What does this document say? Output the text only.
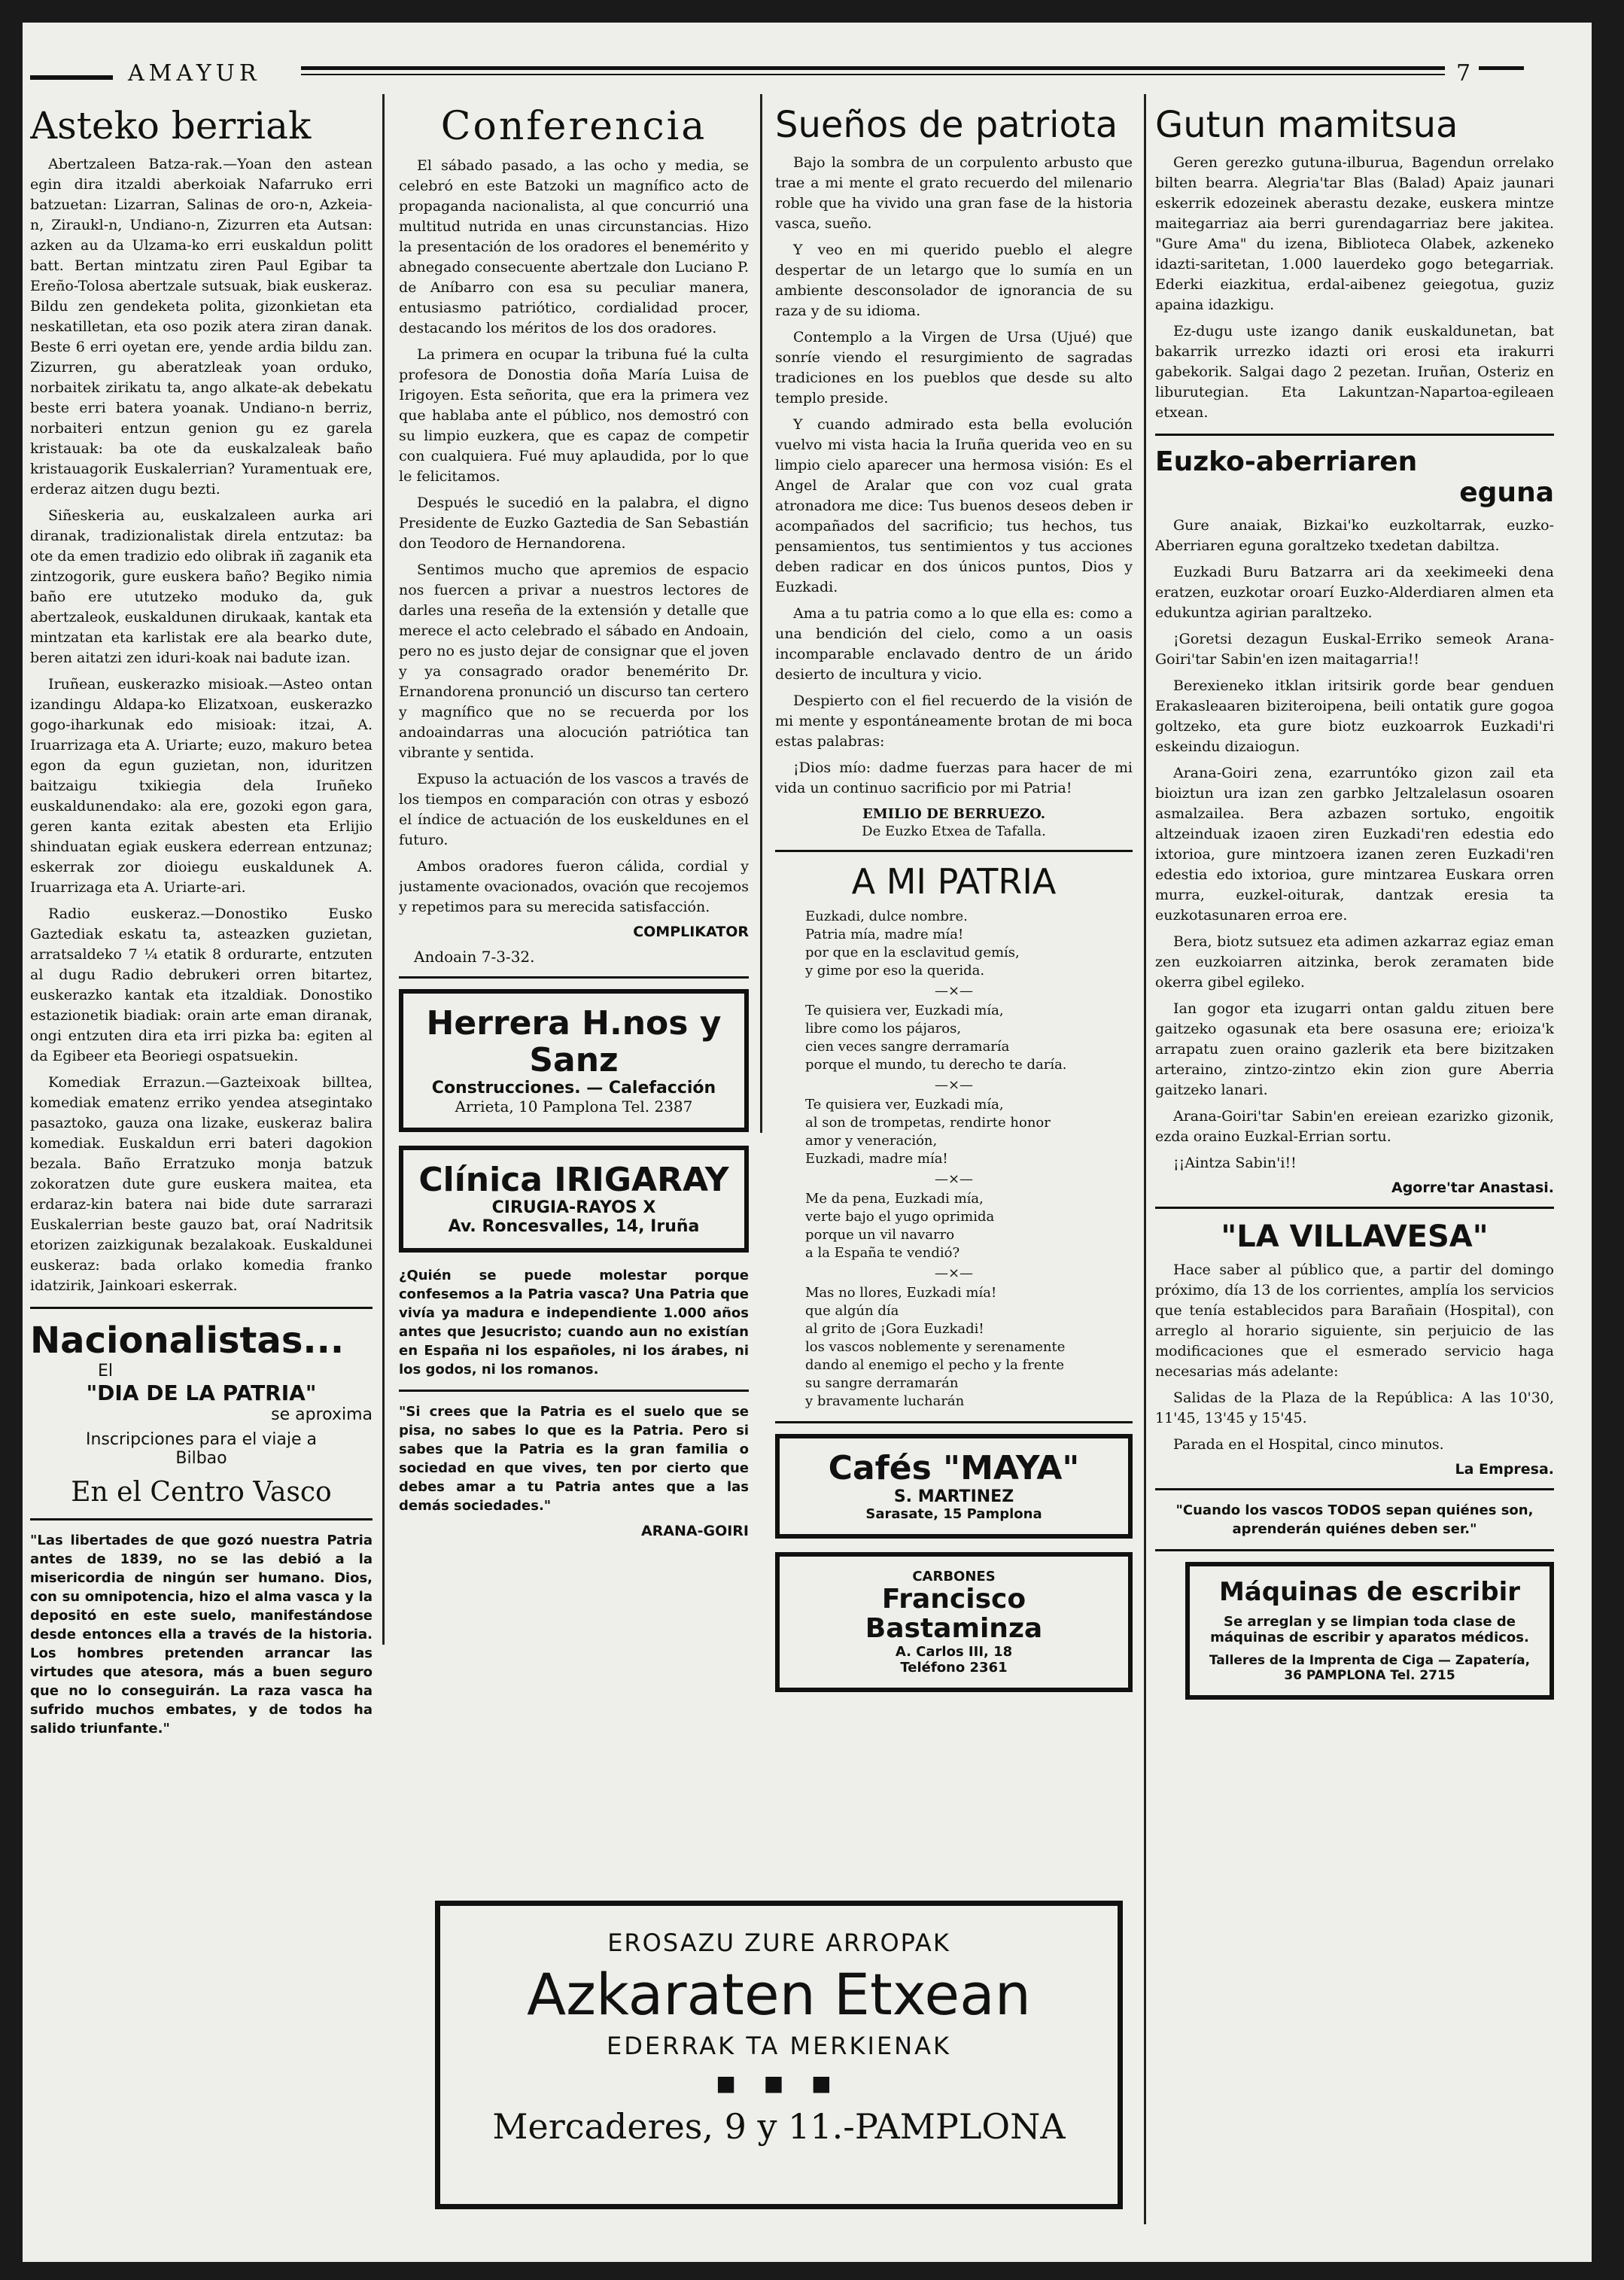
AMAYUR	7
Asteko berriak

Abertzaleen Batza-rak.—Yoan den astean egin dira itzaldi aberkoiak Nafarruko erri batzuetan: Lizarran, Salinas de oro-n, Azkeia-n, Ziraukl-n, Undiano-n, Zizurren eta Autsan: azken au da Ulzama-ko erri euskaldun politt batt. Bertan mintzatu ziren Paul Egibar ta Ereño-Tolosa abertzale sutsuak, biak euskeraz. Bildu zen gendeketa polita, gizonkietan eta neskatilletan, eta oso pozik atera ziran danak. Beste 6 erri oyetan ere, yende ardia bildu zan. Zizurren, gu aberatzleak yoan orduko, norbaitek zirikatu ta, ango alkate-ak debekatu beste erri batera yoanak. Undiano-n berriz, norbaiteri entzun genion gu ez garela kristauak: ba ote da euskalzaleak baño kristauagorik Euskalerrian? Yuramentuak ere, erderaz aitzen dugu bezti.

Siñeskeria au, euskalzaleen aurka ari diranak, tradizionalistak direla entzutaz: ba ote da emen tradizio edo olibrak iñ zaganik eta zintzogorik, gure euskera baño? Begiko nimia baño ere ututzeko moduko da, guk abertzaleok, euskaldunen dirukaak, kantak eta mintzatan eta karlistak ere ala bearko dute, beren aitatzi zen iduri-koak nai badute izan.

Iruñean, euskerazko misioak.—Asteo ontan izandingu Aldapa-ko Elizatxoan, euskerazko gogo-iharkunak edo misioak: itzai, A. Iruarrizaga eta A. Uriarte; euzo, makuro betea egon da egun guzietan, non, iduritzen baitzaigu txikiegia dela Iruñeko euskaldunendako: ala ere, gozoki egon gara, geren kanta ezitak abesten eta Erlijio shinduatan egiak euskera ederrean entzunaz; eskerrak zor dioiegu euskaldunek A. Iruarrizaga eta A. Uriarte-ari.

Radio euskeraz.—Donostiko Eusko Gaztediak eskatu ta, asteazken guzietan, arratsaldeko 7 ¼ etatik 8 ordurarte, entzuten al dugu Radio debrukeri orren bitartez, euskerazko kantak eta itzaldiak. Donostiko estazionetik biadiak: orain arte eman diranak, ongi entzuten dira eta irri pizka ba: egiten al da Egibeer eta Beoriegi ospatsuekin.

Komediak Errazun.—Gazteixoak billtea, komediak ematenz erriko yendea atsegintako pasaztoko, gauza ona lizake, euskeraz balira komediak. Euskaldun erri bateri dagokion bezala. Baño Erratzuko monja batzuk zokoratzen dute gure euskera maitea, eta erdaraz-kin batera nai bide dute sarrarazi Euskalerrian beste gauzo bat, oraí Nadritsik etorizen zaizkigunak bezalakoak. Euskaldunei euskeraz: bada orlako komedia franko idatzirik, Jainkoari eskerrak.

Nacionalistas...
El
"DIA DE LA PATRIA"
se aproxima
Inscripciones para el viaje a
Bilbao
En el Centro Vasco

"Las libertades de que gozó nuestra Patria antes de 1839, no se las debió a la misericordia de ningún ser humano. Dios, con su omnipotencia, hizo el alma vasca y la depositó en este suelo, manifestándose desde entonces ella a través de la historia. Los hombres pretenden arrancar las virtudes que atesora, más a buen seguro que no lo conseguirán. La raza vasca ha sufrido muchos embates, y de todos ha salido triunfante."

Conferencia

El sábado pasado, a las ocho y media, se celebró en este Batzoki un magnífico acto de propaganda nacionalista, al que concurrió una multitud nutrida en unas circunstancias. Hizo la presentación de los oradores el benemérito y abnegado consecuente abertzale don Luciano P. de Aníbarro con esa su peculiar manera, entusiasmo patriótico, cordialidad procer, destacando los méritos de los dos oradores.

La primera en ocupar la tribuna fué la culta profesora de Donostia doña María Luisa de Irigoyen. Esta señorita, que era la primera vez que hablaba ante el público, nos demostró con su limpio euzkera, que es capaz de competir con cualquiera. Fué muy aplaudida, por lo que le felicitamos.

Después le sucedió en la palabra, el digno Presidente de Euzko Gaztedia de San Sebastián don Teodoro de Hernandorena.

Sentimos mucho que apremios de espacio nos fuercen a privar a nuestros lectores de darles una reseña de la extensión y detalle que merece el acto celebrado el sábado en Andoain, pero no es justo dejar de consignar que el joven y ya consagrado orador benemérito Dr. Ernandorena pronunció un discurso tan certero y magnífico que no se recuerda por los andoaindarras una alocución patriótica tan vibrante y sentida.

Expuso la actuación de los vascos a través de los tiempos en comparación con otras y esbozó el índice de actuación de los euskeldunes en el futuro.

Ambos oradores fueron cálida, cordial y justamente ovacionados, ovación que recojemos y repetimos para su merecida satisfacción.

COMPLIKATOR
Andoain 7-3-32.
Herrera H.nos y Sanz
Construcciones. — Calefacción
Arrieta, 10 Pamplona Tel. 2387
Clínica IRIGARAY
CIRUGIA-RAYOS X
Av. Roncesvalles, 14, Iruña

¿Quién se puede molestar porque confesemos a la Patria vasca? Una Patria que vivía ya madura e independiente 1.000 años antes que Jesucristo; cuando aun no existían en España ni los españoles, ni los árabes, ni los godos, ni los romanos.

"Si crees que la Patria es el suelo que se pisa, no sabes lo que es la Patria. Pero si sabes que la Patria es la gran familia o sociedad en que vives, ten por cierto que debes amar a tu Patria antes que a las demás sociedades."

ARANA-GOIRI
Sueños de patriota

Bajo la sombra de un corpulento arbusto que trae a mi mente el grato recuerdo del milenario roble que ha vivido una gran fase de la historia vasca, sueño.

Y veo en mi querido pueblo el alegre despertar de un letargo que lo sumía en un ambiente desconsolador de ignorancia de su raza y de su idioma.

Contemplo a la Virgen de Ursa (Ujué) que sonríe viendo el resurgimiento de sagradas tradiciones en los pueblos que desde su alto templo preside.

Y cuando admirado esta bella evolución vuelvo mi vista hacia la Iruña querida veo en su limpio cielo aparecer una hermosa visión: Es el Angel de Aralar que con voz cual grata atronadora me dice: Tus buenos deseos deben ir acompañados del sacrificio; tus hechos, tus pensamientos, tus sentimientos y tus acciones deben radicar en dos únicos puntos, Dios y Euzkadi.

Ama a tu patria como a lo que ella es: como a una bendición del cielo, como a un oasis incomparable enclavado dentro de un árido desierto de incultura y vicio.

Despierto con el fiel recuerdo de la visión de mi mente y espontáneamente brotan de mi boca estas palabras:

¡Dios mío: dadme fuerzas para hacer de mi vida un continuo sacrificio por mi Patria!

EMILIO DE BERRUEZO.
De Euzko Etxea de Tafalla.
A MI PATRIA
Euzkadi, dulce nombre.
Patria mía, madre mía!
por que en la esclavitud gemís,
y gime por eso la querida.
—×—
Te quisiera ver, Euzkadi mía,
libre como los pájaros,
cien veces sangre derramaría
porque el mundo, tu derecho te daría.
—×—
Te quisiera ver, Euzkadi mía,
al son de trompetas, rendirte honor
amor y veneración,
Euzkadi, madre mía!
—×—
Me da pena, Euzkadi mía,
verte bajo el yugo oprimida
porque un vil navarro
a la España te vendió?
—×—
Mas no llores, Euzkadi mía!
que algún día
al grito de ¡Gora Euzkadi!
los vascos noblemente y serenamente
dando al enemigo el pecho y la frente
su sangre derramarán
y bravamente lucharán
Cafés "MAYA"
S. MARTINEZ
Sarasate, 15 Pamplona
CARBONES
Francisco Bastaminza
A. Carlos III, 18
Teléfono 2361
Gutun mamitsua

Geren gerezko gutuna-ilburua, Bagendun orrelako bilten bearra. Alegria'tar Blas (Balad) Apaiz jaunari eskerrik edozeinek aberastu dezake, euskera mintze maitegarriaz aia berri gurendagarriaz bere jakitea. "Gure Ama" du izena, Biblioteca Olabek, azkeneko idazti-saritetan, 1.000 lauerdeko gogo betegarriak. Ederki eiazkitua, erdal-aibenez geiegotua, guziz apaina idazkigu.

Ez-dugu uste izango danik euskaldunetan, bat bakarrik urrezko idazti ori erosi eta irakurri gabekorik. Salgai dago 2 pezetan. Iruñan, Osteriz en liburutegian. Eta Lakuntzan-Napartoa-egileaen etxean.

Euzko-aberriaren
eguna

Gure anaiak, Bizkai'ko euzkoltarrak, euzko-Aberriaren eguna goraltzeko txedetan dabiltza.

Euzkadi Buru Batzarra ari da xeekimeeki dena eratzen, euzkotar oroarí Euzko-Alderdiaren almen eta edukuntza agirian paraltzeko.

¡Goretsi dezagun Euskal-Erriko semeok Arana-Goiri'tar Sabin'en izen maitagarria!!

Berexieneko itklan iritsirik gorde bear genduen Erakasleaaren biziteroipena, beili ontatik gure gogoa goltzeko, eta gure biotz euzkoarrok Euzkadi'ri eskeindu dizaiogun.

Arana-Goiri zena, ezarruntóko gizon zail eta bioiztun ura izan zen garbko Jeltzalelasun osoaren asmalzailea. Bera azbazen sortuko, engoitik altzeinduak izaoen ziren Euzkadi'ren edestia edo ixtorioa, gure mintzoera izanen zeren Euzkadi'ren edestia edo ixtorioa, gure mintzarea Euskara orren murra, euzkel-oiturak, dantzak eresia ta euzkotasunaren erroa ere.

Bera, biotz sutsuez eta adimen azkarraz egiaz eman zen euzkoiarren aitzinka, berok zeramaten bide okerra gibel egileko.

Ian gogor eta izugarri ontan galdu zituen bere gaitzeko ogasunak eta bere osasuna ere; erioiza'k arrapatu zuen oraino gazlerik eta bere bizitzaken arteraino, zintzo-zintzo ekin zion gure Aberria gaitzeko lanari.

Arana-Goiri'tar Sabin'en ereiean ezarizko gizonik, ezda oraino Euzkal-Errian sortu.

¡¡Aintza Sabin'i!!

Agorre'tar Anastasi.
"LA VILLAVESA"

Hace saber al público que, a partir del domingo próximo, día 13 de los corrientes, amplía los servicios que tenía establecidos para Barañain (Hospital), con arreglo al horario siguiente, sin perjuicio de las modificaciones que el esmerado servicio haga necesarias más adelante:

Salidas de la Plaza de la República: A las 10'30, 11'45, 13'45 y 15'45.

Parada en el Hospital, cinco minutos.

La Empresa.

"Cuando los vascos TODOS sepan quiénes son, aprenderán quiénes deben ser."

Máquinas de escribir
Se arreglan y se limpian toda clase de máquinas de escribir y aparatos médicos.
Talleres de la Imprenta de Ciga — Zapatería, 36 PAMPLONA Tel. 2715
EROSAZU ZURE ARROPAK
Azkaraten Etxean
EDERRAK TA MERKIENAK
■ ■ ■
Mercaderes, 9 y 11.-PAMPLONA
